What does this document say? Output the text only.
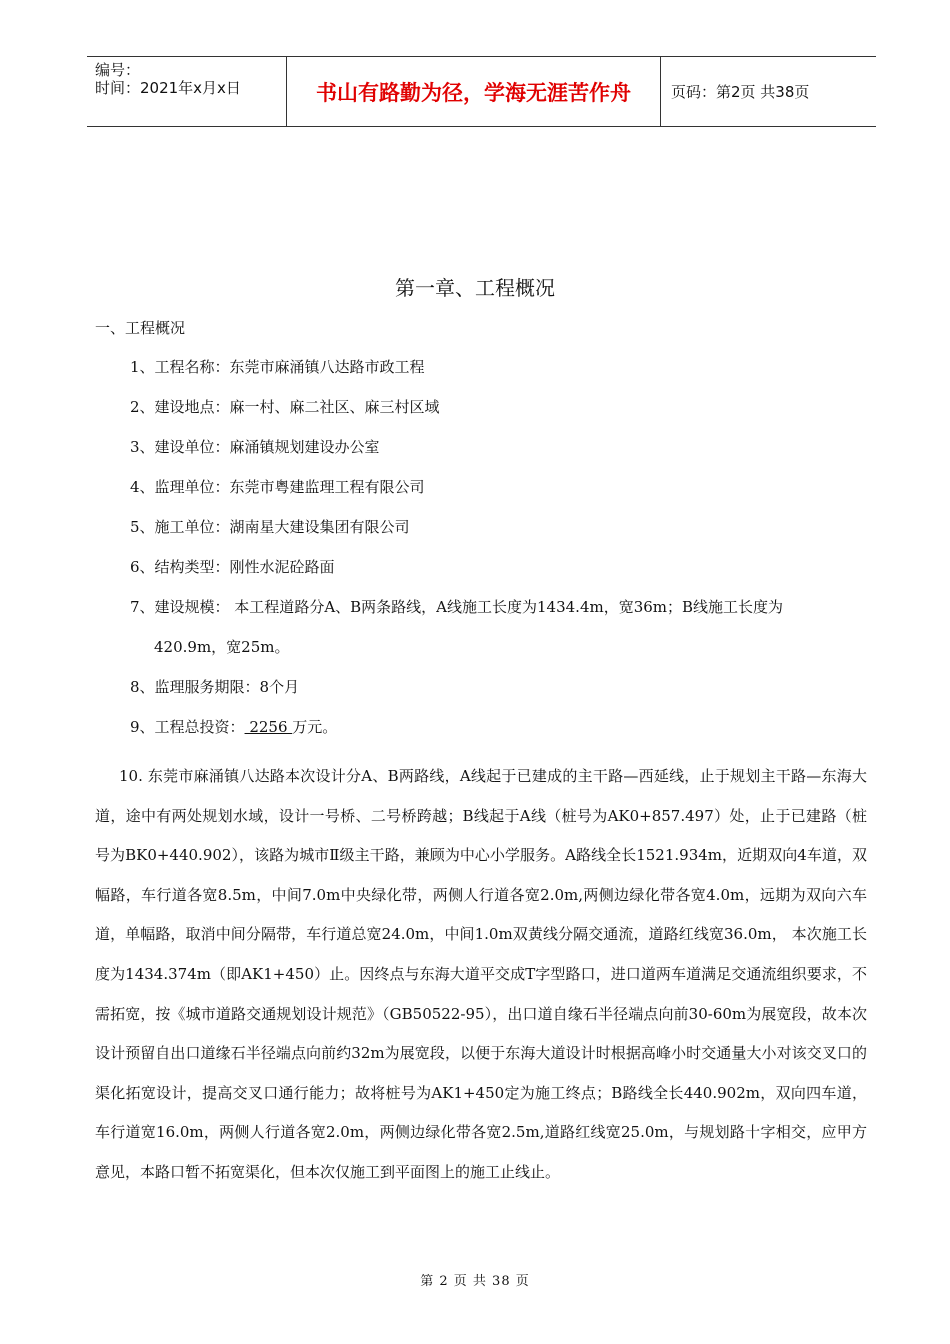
编号：
时间：2021年x月x日	书山有路勤为径，学海无涯苦作舟	页码：第2页 共38页
第一章、工程概况
一、工程概况
1、工程名称：东莞市麻涌镇八达路市政工程
2、建设地点：麻一村、麻二社区、麻三村区域
3、建设单位：麻涌镇规划建设办公室
4、监理单位：东莞市粤建监理工程有限公司
5、施工单位：湖南星大建设集团有限公司
6、结构类型：刚性水泥砼路面
7、建设规模： 本工程道路分A、B两条路线，A线施工长度为1434.4m，宽36m；B线施工长度为
420.9m，宽25m。
8、监理服务期限：8个月
9、工程总投资： 2256 万元。

10. 东莞市麻涌镇八达路本次设计分A、B两路线，A线起于已建成的主干路—西延线，止于规划主干路—东海大道，途中有两处规划水域，设计一号桥、二号桥跨越；B线起于A线（桩号为AK0+857.497）处，止于已建路（桩号为BK0+440.902），该路为城市Ⅱ级主干路，兼顾为中心小学服务。A路线全长1521.934m，近期双向4车道，双幅路，车行道各宽8.5m，中间7.0m中央绿化带，两侧人行道各宽2.0m,两侧边绿化带各宽4.0m，远期为双向六车道，单幅路，取消中间分隔带，车行道总宽24.0m，中间1.0m双黄线分隔交通流，道路红线宽36.0m， 本次施工长度为1434.374m（即AK1+450）止。因终点与东海大道平交成T字型路口，进口道两车道满足交通流组织要求，不需拓宽，按《城市道路交通规划设计规范》（GB50522-95），出口道自缘石半径端点向前30-60m为展宽段，故本次设计预留自出口道缘石半径端点向前约32m为展宽段，以便于东海大道设计时根据高峰小时交通量大小对该交叉口的渠化拓宽设计，提高交叉口通行能力；故将桩号为AK1+450定为施工终点；B路线全长440.902m，双向四车道，车行道宽16.0m，两侧人行道各宽2.0m，两侧边绿化带各宽2.5m,道路红线宽25.0m，与规划路十字相交，应甲方意见，本路口暂不拓宽渠化，但本次仅施工到平面图上的施工止线止。

第 2 页 共 38 页
